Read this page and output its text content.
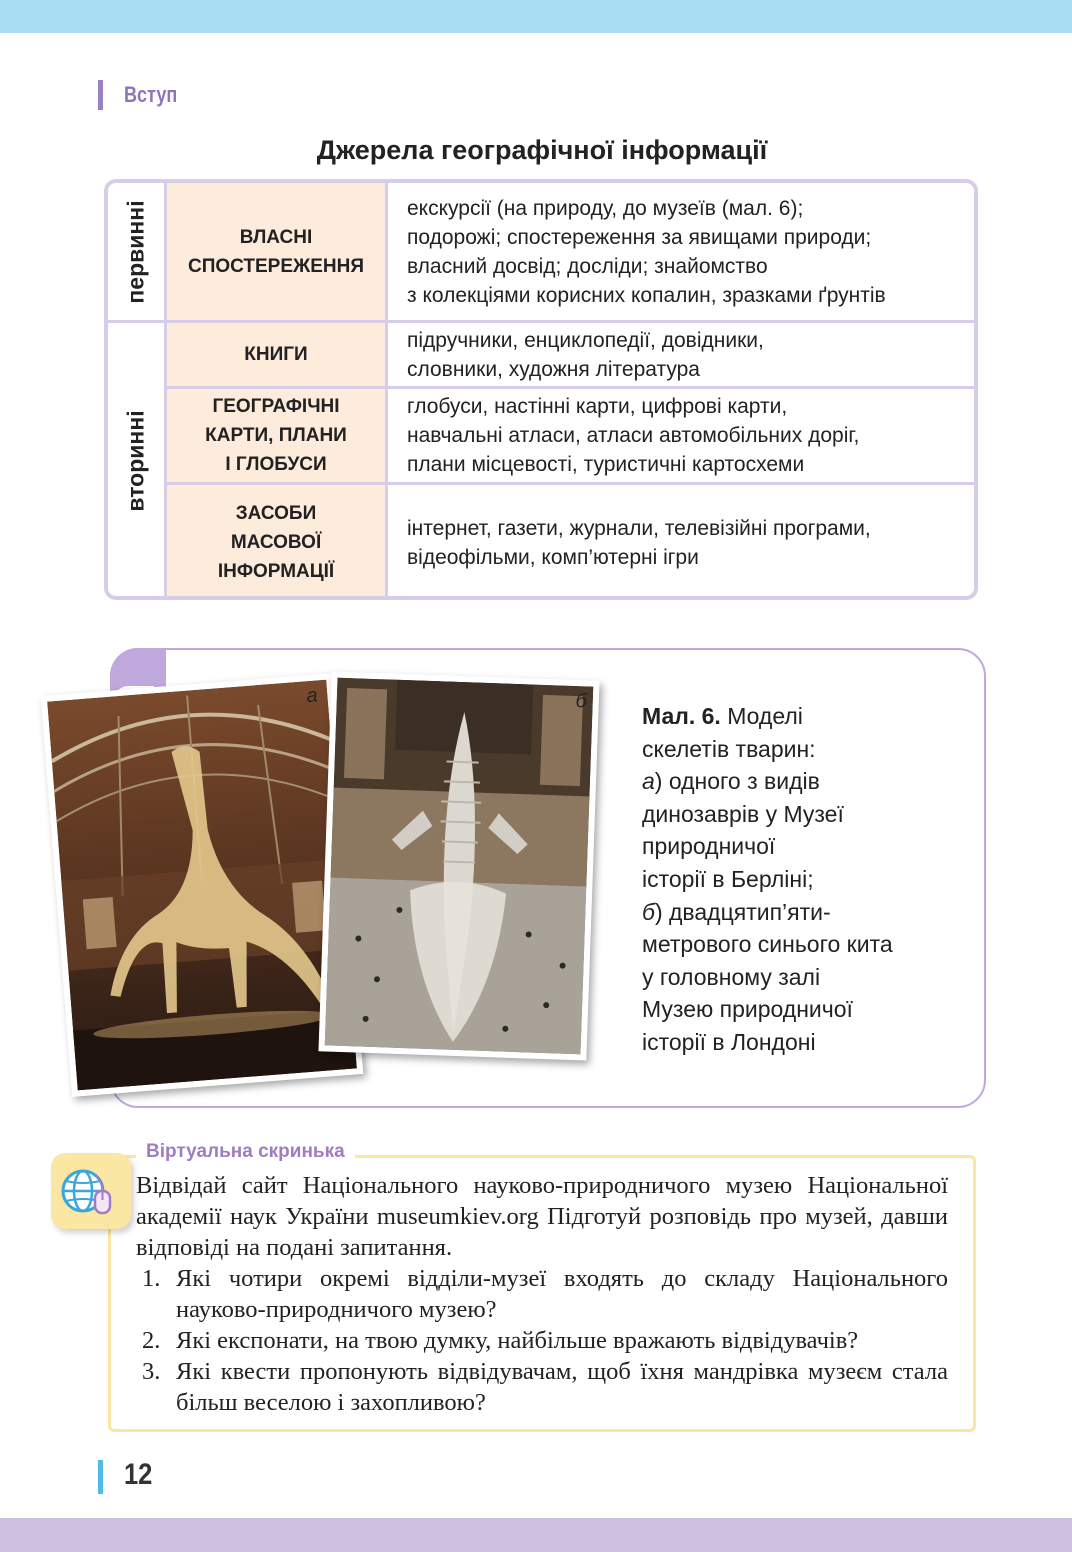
Вступ
Джерела географічної інформації
первинні
вторинні
ВЛАСНІ
СПОСТЕРЕЖЕННЯ
екскурсії (на природу, до музеїв (мал. 6);
подорожі; спостереження за явищами природи;
власний досвід; досліди; знайомство
з колекціями корисних копалин, зразками ґрунтів
КНИГИ
підручники, енциклопедії, довідники,
словники, художня література
ГЕОГРАФІЧНІ
КАРТИ, ПЛАНИ
І ГЛОБУСИ
глобуси, настінні карти, цифрові карти,
навчальні атласи, атласи автомобільних доріг,
плани місцевості, туристичні картосхеми
ЗАСОБИ
МАСОВОЇ
ІНФОРМАЦІЇ
інтернет, газети, журнали, телевізійні програми,
відеофільми, комп’ютерні ігри
а	б
Мал. 6. Моделі
скелетів тварин:
а) одного з видів
динозаврів у Музеї
природничої
історії в Берліні;
б) двадцятип’яти-
метрового синього кита
у головному залі
Музею природничої
історії в Лондоні
Віртуальна скринька

Відвідай сайт Національного науково-природничого музею Національної академії наук України museumkiev.org Підготуй розповідь про музей, давши відповіді на подані запитання.

1. Які чотири окремі відділи-музеї входять до складу Національного науково-природничого музею?
2. Які експонати, на твою думку, найбільше вражають відвідувачів?
3. Які квести пропонують відвідувачам, щоб їхня мандрівка музеєм стала більш веселою і захопливою?
12
